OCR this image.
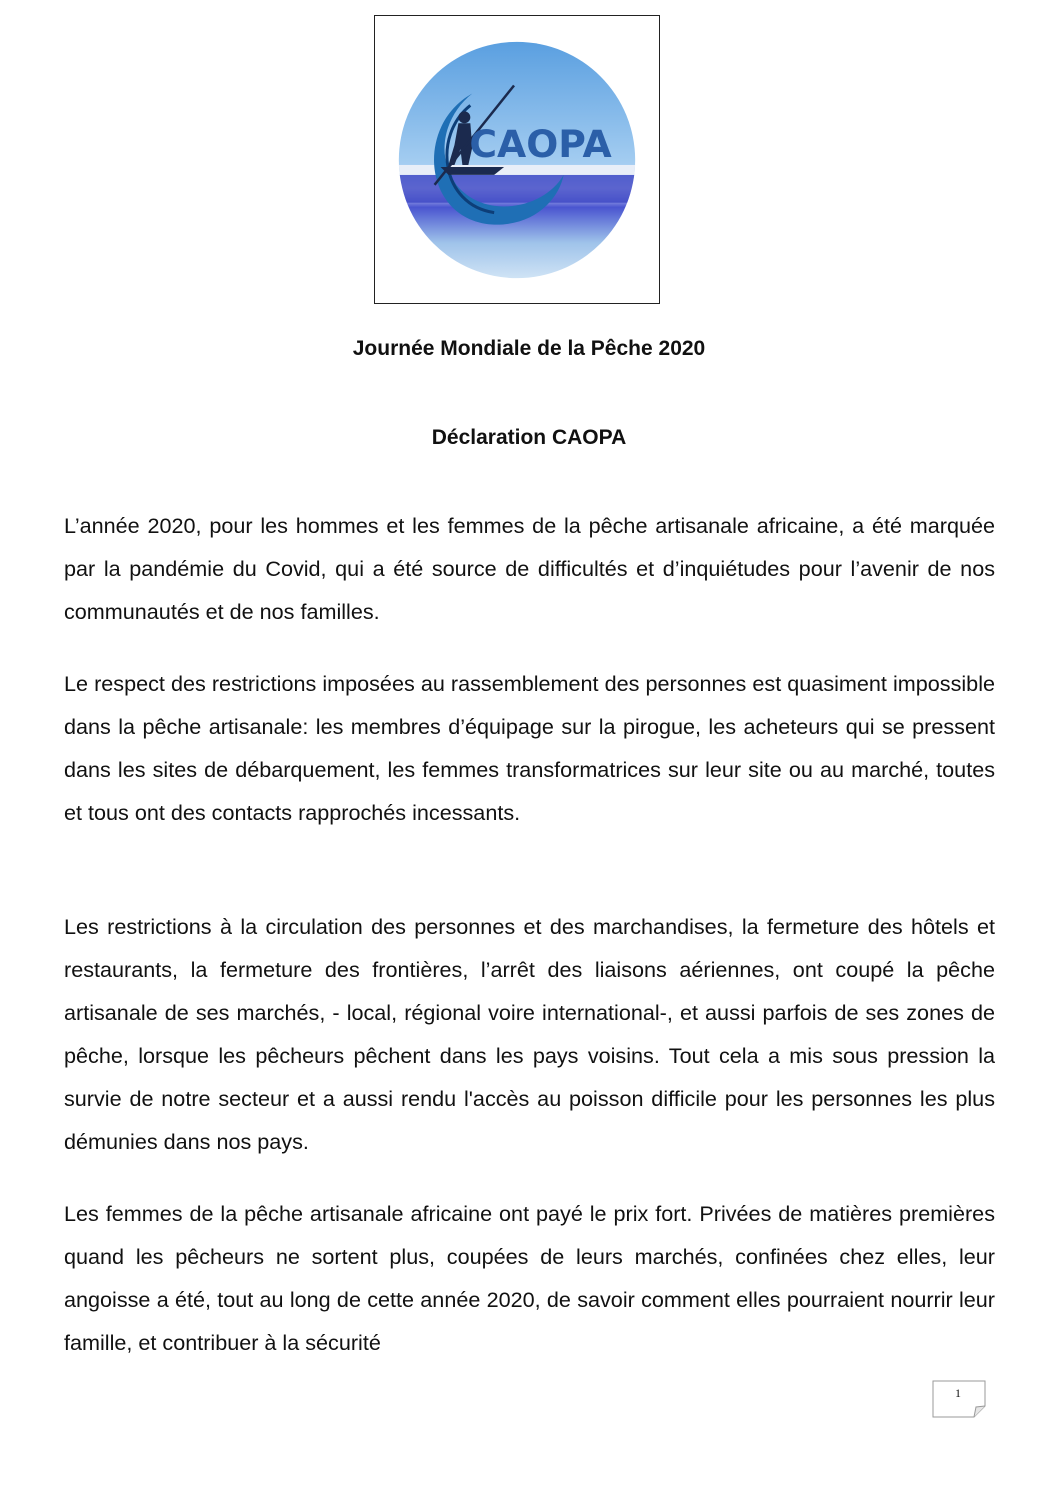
CAOPA
Journée Mondiale de la Pêche 2020
Déclaration CAOPA

L’année 2020, pour les hommes et les femmes de la pêche artisanale africaine, a été marquée par la pandémie du Covid, qui a été source de difficultés et d’inquiétudes pour l’avenir de nos communautés et de nos familles.

Le respect des restrictions imposées au rassemblement des personnes est quasiment impossible dans la pêche artisanale: les membres d’équipage sur la pirogue, les acheteurs qui se pressent dans les sites de débarquement, les femmes transformatrices sur leur site ou au marché, toutes et tous ont des contacts rapprochés incessants.

Les restrictions à la circulation des personnes et des marchandises, la fermeture des hôtels et restaurants, la fermeture des frontières, l’arrêt des liaisons aériennes, ont coupé la pêche artisanale de ses marchés, - local, régional voire international-, et aussi parfois de ses zones de pêche, lorsque les pêcheurs pêchent dans les pays voisins. Tout cela a mis sous pression la survie de notre secteur et a aussi rendu l'accès au poisson difficile pour les personnes les plus démunies dans nos pays.

Les femmes de la pêche artisanale africaine ont payé le prix fort. Privées de matières premières quand les pêcheurs ne sortent plus, coupées de leurs marchés, confinées chez elles, leur angoisse a été, tout au long de cette année 2020, de savoir comment elles pourraient nourrir leur famille, et contribuer à la sécurité

1
